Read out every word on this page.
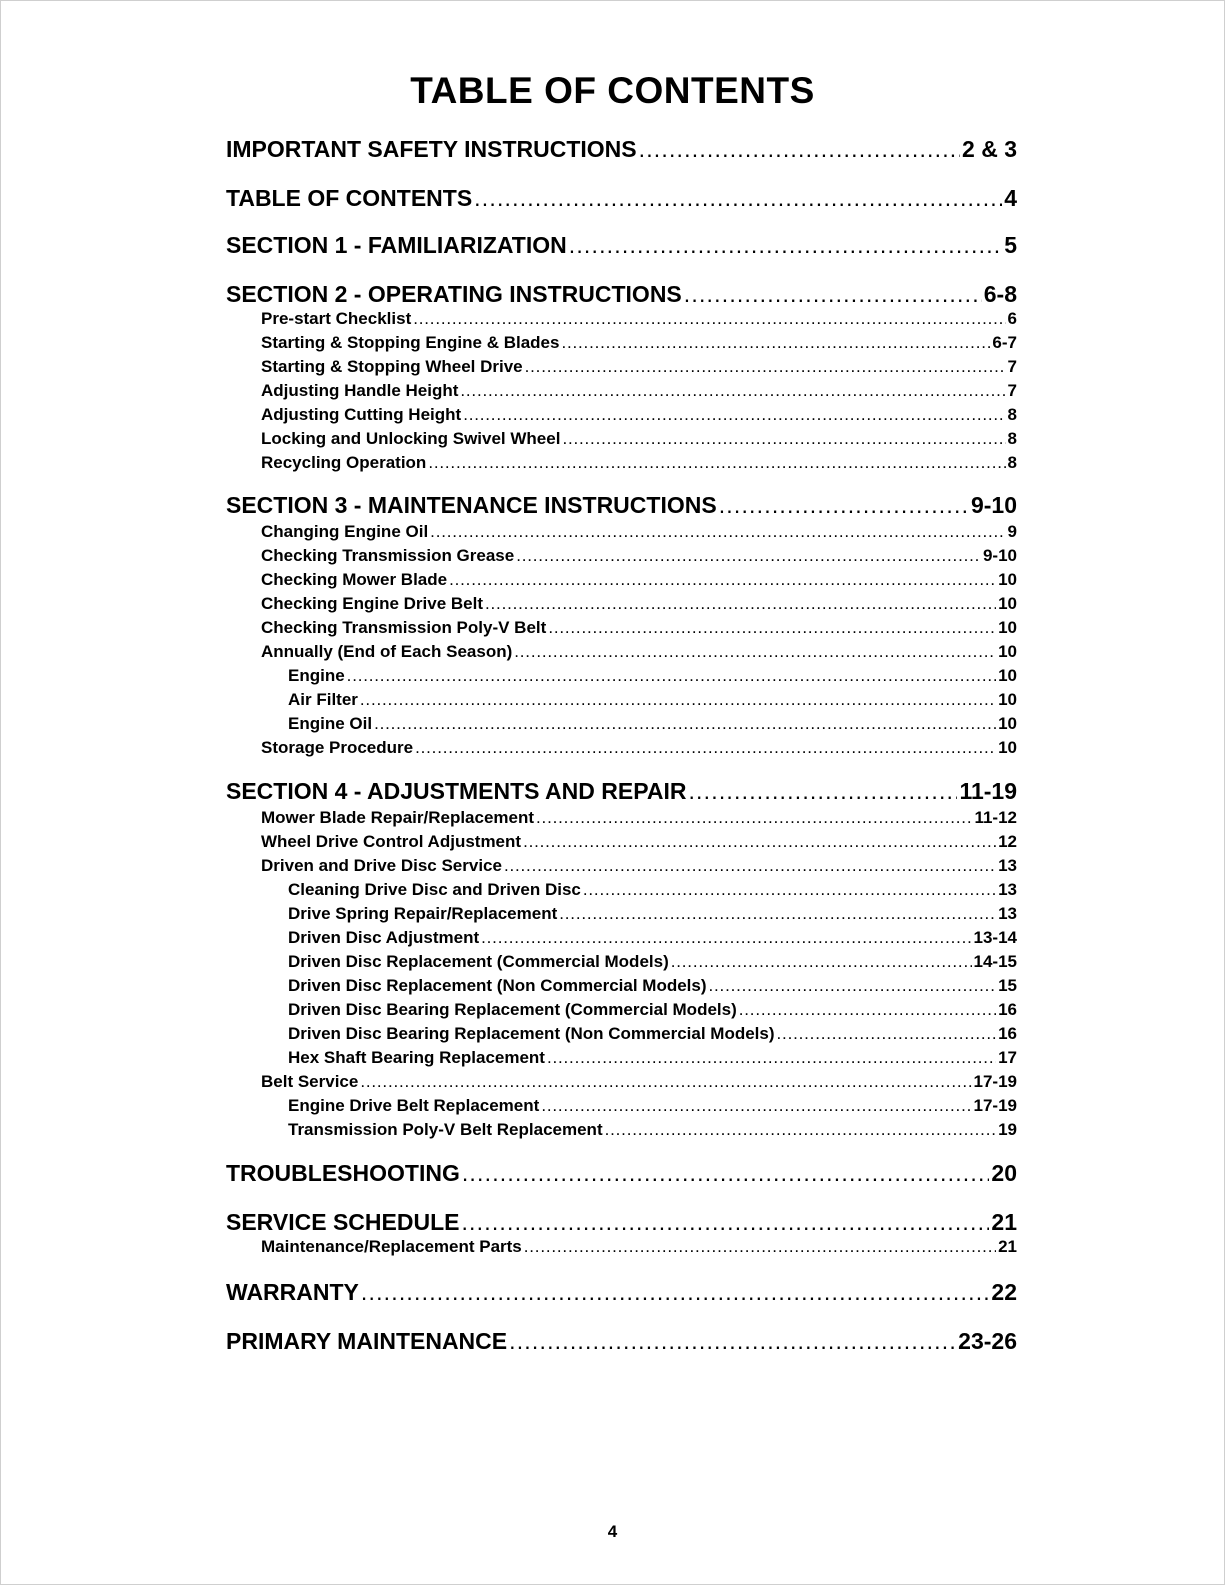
TABLE OF CONTENTS
IMPORTANT SAFETY INSTRUCTIONS .....	2 & 3
TABLE OF CONTENTS .....	4
SECTION 1 - FAMILIARIZATION .....	5
SECTION 2 - OPERATING INSTRUCTIONS .....	6-8
Pre-start Checklist .....	6
Starting & Stopping Engine & Blades .....	6-7
Starting & Stopping Wheel Drive .....	7
Adjusting Handle Height .....	7
Adjusting Cutting Height .....	8
Locking and Unlocking Swivel Wheel .....	8
Recycling Operation .....	8
SECTION 3 - MAINTENANCE INSTRUCTIONS .....	9-10
Changing Engine Oil .....	9
Checking Transmission Grease .....	9-10
Checking Mower Blade .....	10
Checking Engine Drive Belt .....	10
Checking Transmission Poly-V Belt .....	10
Annually (End of Each Season) .....	10
Engine .....	10
Air Filter .....	10
Engine Oil .....	10
Storage Procedure .....	10
SECTION 4 - ADJUSTMENTS AND REPAIR .....	11-19
Mower Blade Repair/Replacement .....	11-12
Wheel Drive Control Adjustment .....	12
Driven and Drive Disc Service .....	13
Cleaning Drive Disc and Driven Disc .....	13
Drive Spring Repair/Replacement .....	13
Driven Disc Adjustment .....	13-14
Driven Disc Replacement (Commercial Models) .....	14-15
Driven Disc Replacement (Non Commercial Models) .....	15
Driven Disc Bearing Replacement (Commercial Models) .....	16
Driven Disc Bearing Replacement (Non Commercial Models) .....	16
Hex Shaft Bearing Replacement .....	17
Belt Service .....	17-19
Engine Drive Belt Replacement .....	17-19
Transmission Poly-V Belt Replacement .....	19
TROUBLESHOOTING .....	20
SERVICE SCHEDULE .....	21
Maintenance/Replacement Parts .....	21
WARRANTY .....	22
PRIMARY MAINTENANCE .....	23-26
4
